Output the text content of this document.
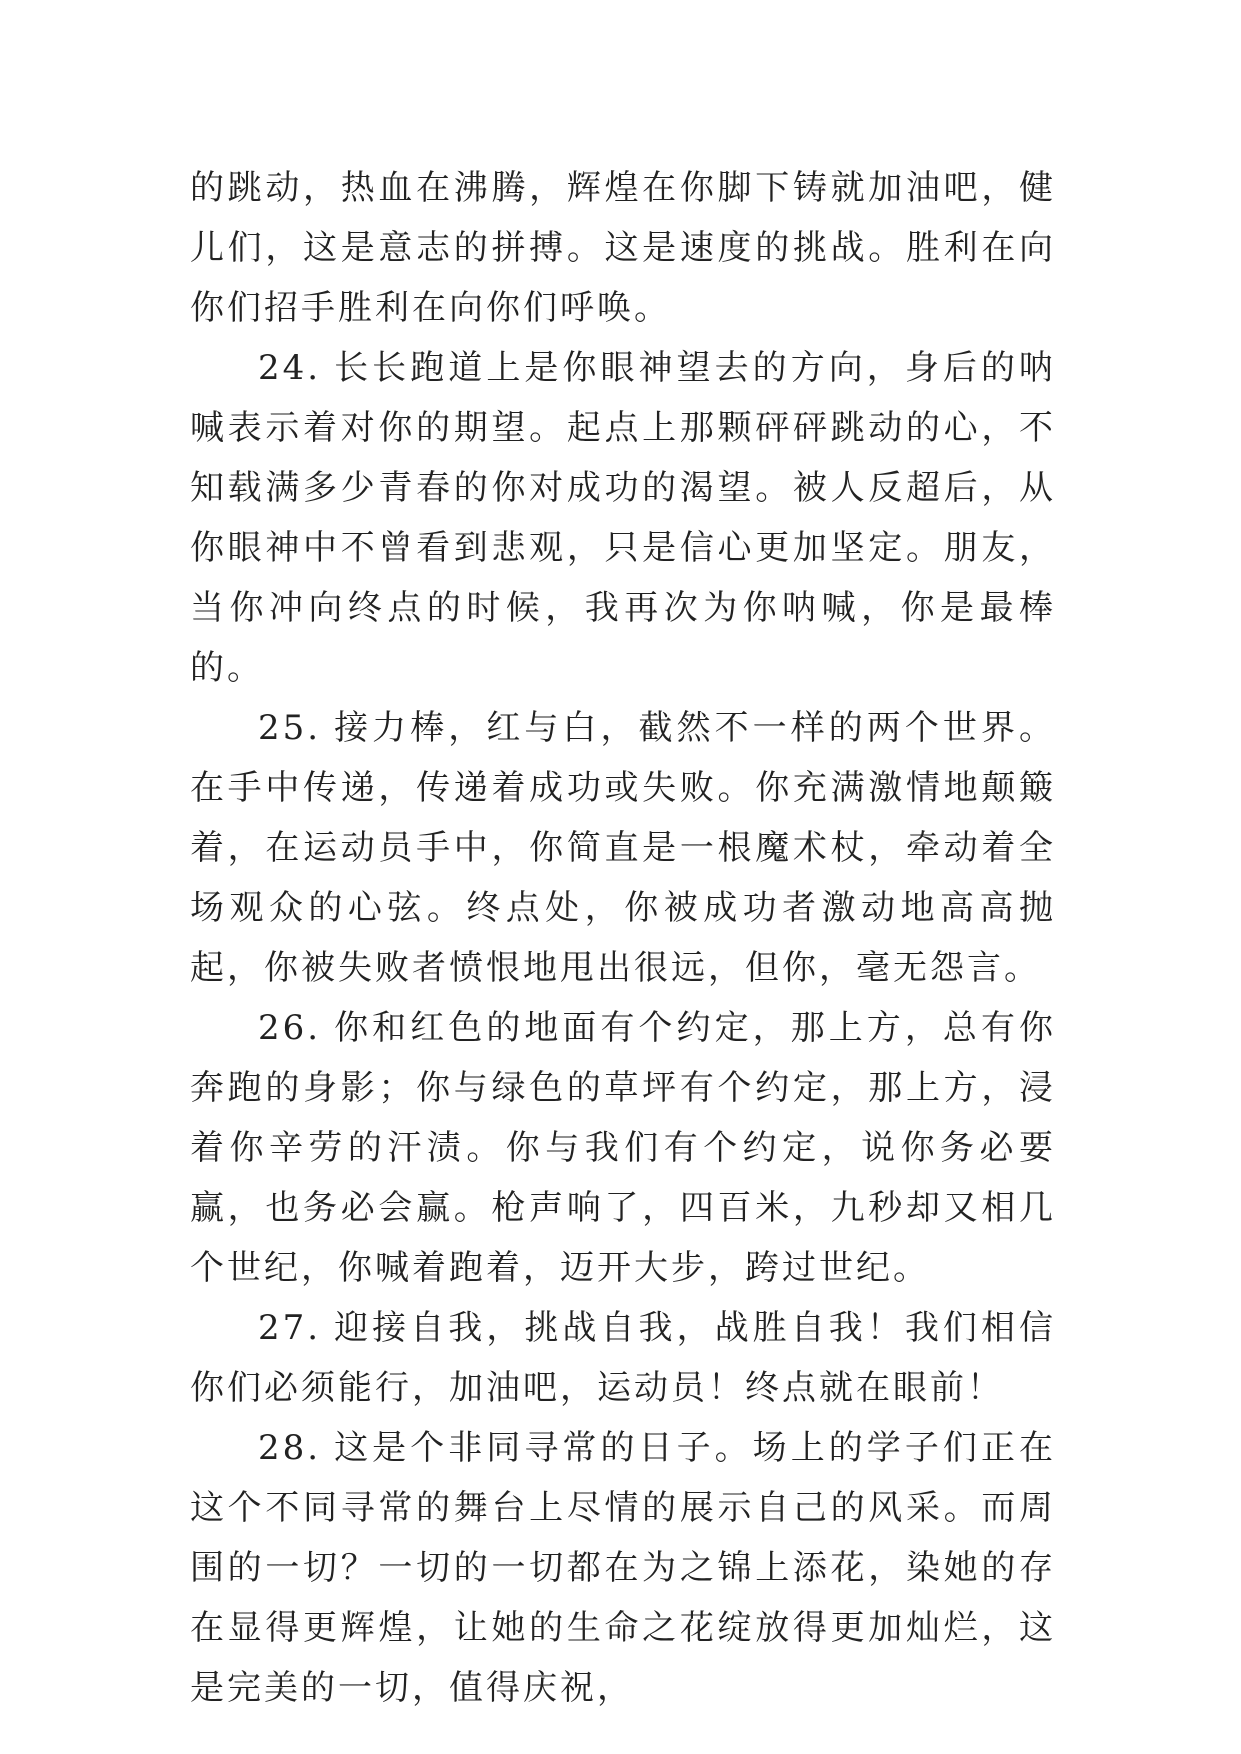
的跳动，热血在沸腾，辉煌在你脚下铸就加油吧，健儿们，这是意志的拼搏。这是速度的挑战。胜利在向你们招手胜利在向你们呼唤。

24. 长长跑道上是你眼神望去的方向，身后的呐喊表示着对你的期望。起点上那颗砰砰跳动的心，不知载满多少青春的你对成功的渴望。被人反超后，从你眼神中不曾看到悲观，只是信心更加坚定。朋友，当你冲向终点的时候，我再次为你呐喊，你是最棒的。

25. 接力棒，红与白，截然不一样的两个世界。在手中传递，传递着成功或失败。你充满激情地颠簸着，在运动员手中，你简直是一根魔术杖，牵动着全场观众的心弦。终点处，你被成功者激动地高高抛起，你被失败者愤恨地甩出很远，但你，毫无怨言。

26. 你和红色的地面有个约定，那上方，总有你奔跑的身影；你与绿色的草坪有个约定，那上方，浸着你辛劳的汗渍。你与我们有个约定，说你务必要赢，也务必会赢。枪声响了，四百米，九秒却又相几个世纪，你喊着跑着，迈开大步，跨过世纪。

27. 迎接自我，挑战自我，战胜自我！我们相信你们必须能行，加油吧，运动员！终点就在眼前！

28. 这是个非同寻常的日子。场上的学子们正在这个不同寻常的舞台上尽情的展示自己的风采。而周围的一切？一切的一切都在为之锦上添花，染她的存在显得更辉煌，让她的生命之花绽放得更加灿烂，这是完美的一切，值得庆祝，
